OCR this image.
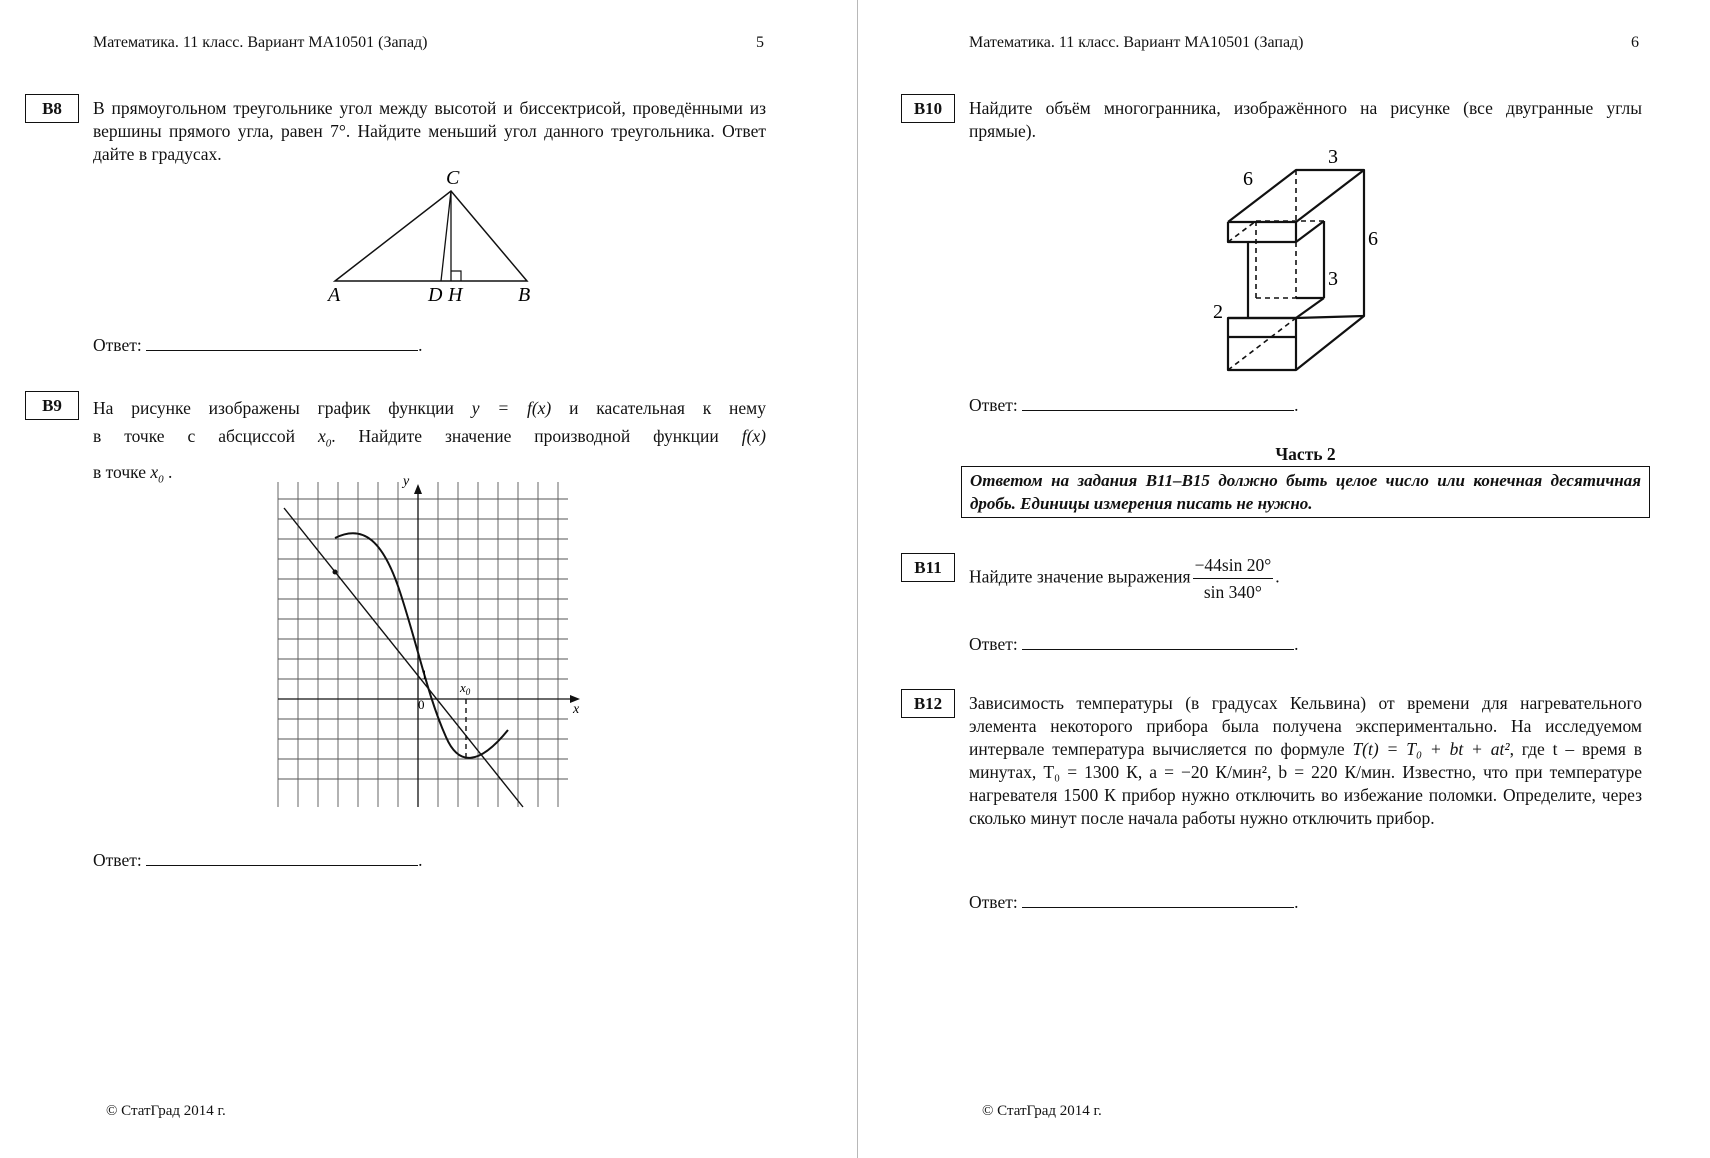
Математика. 11 класс. Вариант МА10501 (Запад)	5
B8	В прямоугольном треугольнике угол между высотой и биссектрисой, проведёнными из вершины прямого угла, равен 7°. Найдите меньший угол данного треугольника. Ответ дайте в градусах.
C
A	D H	B
Ответ:	.
B9	На рисунке изображены график функции y = f(x) и касательная к нему
в точке с абсциссой $x_0$. Найдите значение производной функции f(x)
в точке $x_0$ .	y
x
1
0
$x_0$
Ответ:	.
© СтатГрад 2014 г.
Математика. 11 класс. Вариант МА10501 (Запад)	6
B10	Найдите объём многогранника, изображённого на рисунке (все двугранные углы прямые).
3
6
6
3
2
Ответ:	.
Часть 2
Ответом на задания B11–B15 должно быть целое число или конечная десятичная дробь. Единицы измерения писать не нужно.
B11	Найдите значение выражения $\frac{-44\sin 20^\circ}{\sin 340^\circ}$ .
Ответ:	.
B12	Зависимость температуры (в градусах Кельвина) от времени для нагревательного элемента некоторого прибора была получена экспериментально. На исследуемом интервале температура вычисляется по формуле T(t) = T₀ + bt + at², где t – время в минутах, T₀ = 1300 К, a = −20 К/мин², b = 220 К/мин. Известно, что при температуре нагревателя 1500 К прибор нужно отключить во избежание поломки. Определите, через сколько минут после начала работы нужно отключить прибор.
Ответ:	.
© СтатГрад 2014 г.
